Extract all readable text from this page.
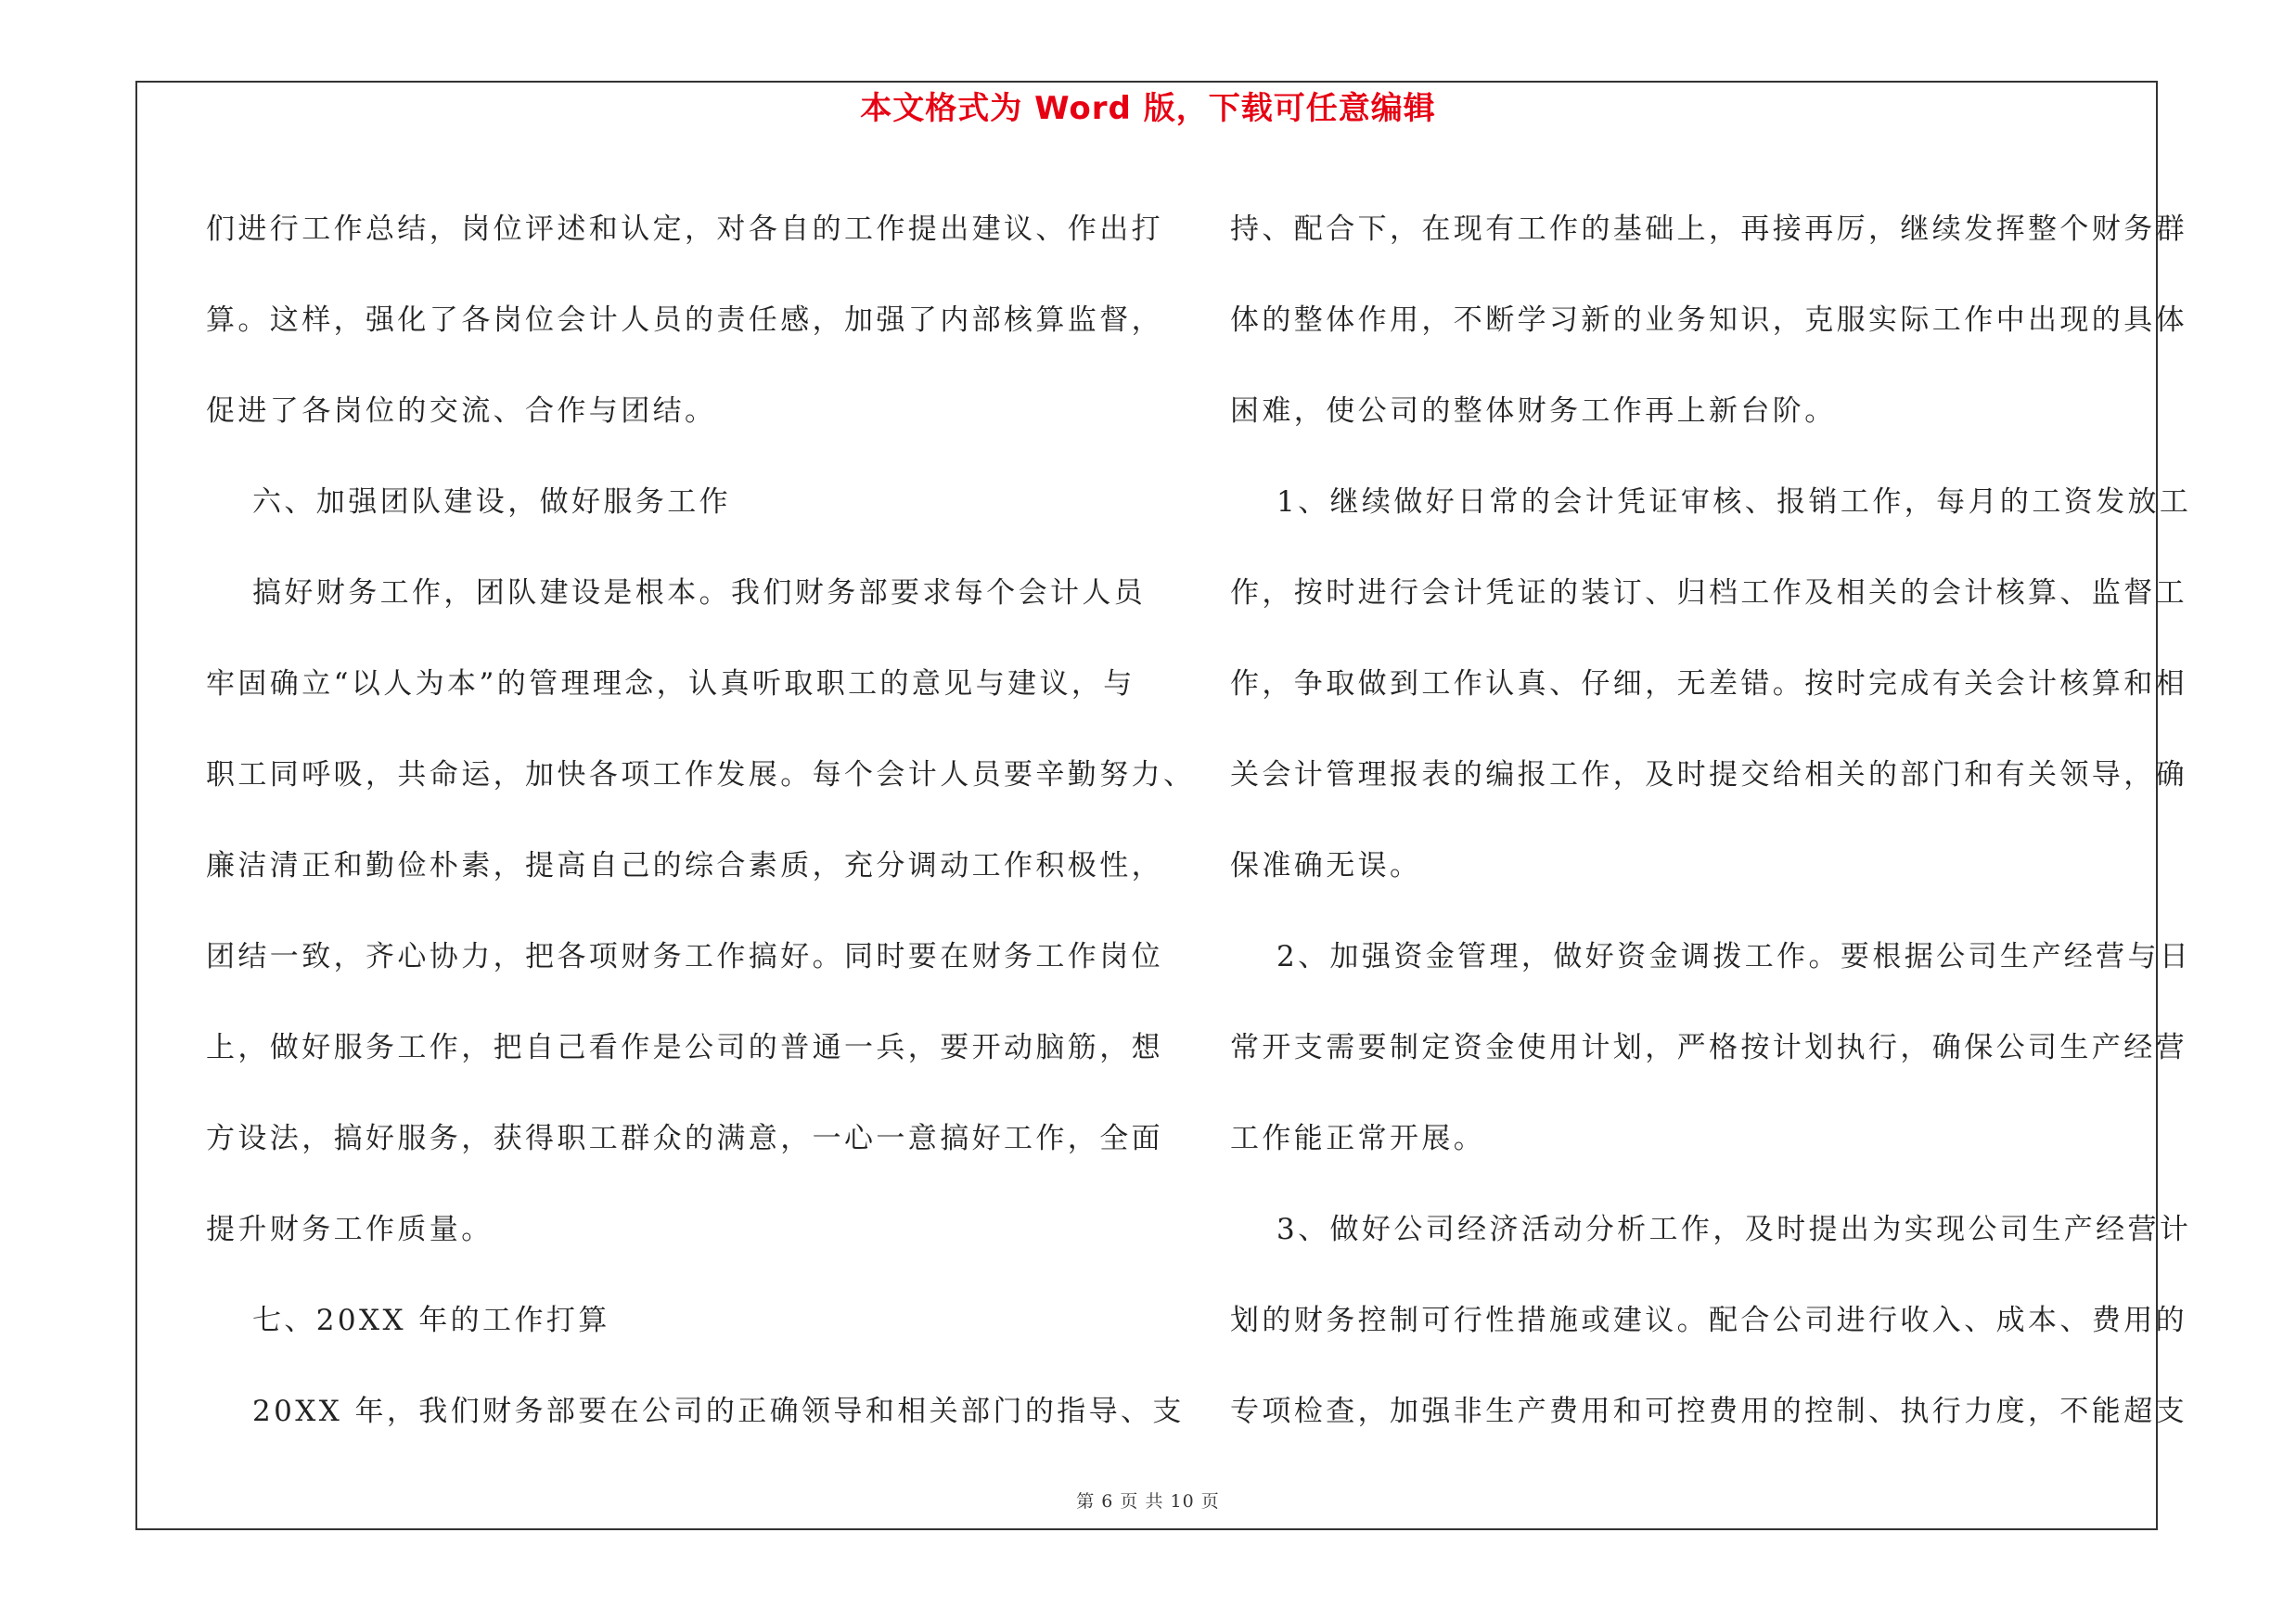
本文格式为 Word 版，下载可任意编辑
们进行工作总结，岗位评述和认定，对各自的工作提出建议、作出打
算。这样，强化了各岗位会计人员的责任感，加强了内部核算监督，
促进了各岗位的交流、合作与团结。
六、加强团队建设，做好服务工作
搞好财务工作，团队建设是根本。我们财务部要求每个会计人员
牢固确立“以人为本”的管理理念，认真听取职工的意见与建议，与
职工同呼吸，共命运，加快各项工作发展。每个会计人员要辛勤努力、
廉洁清正和勤俭朴素，提高自己的综合素质，充分调动工作积极性，
团结一致，齐心协力，把各项财务工作搞好。同时要在财务工作岗位
上，做好服务工作，把自己看作是公司的普通一兵，要开动脑筋，想
方设法，搞好服务，获得职工群众的满意，一心一意搞好工作，全面
提升财务工作质量。
七、20XX 年的工作打算
20XX 年，我们财务部要在公司的正确领导和相关部门的指导、支
持、配合下，在现有工作的基础上，再接再厉，继续发挥整个财务群
体的整体作用，不断学习新的业务知识，克服实际工作中出现的具体
困难，使公司的整体财务工作再上新台阶。
1、继续做好日常的会计凭证审核、报销工作，每月的工资发放工
作，按时进行会计凭证的装订、归档工作及相关的会计核算、监督工
作，争取做到工作认真、仔细，无差错。按时完成有关会计核算和相
关会计管理报表的编报工作，及时提交给相关的部门和有关领导，确
保准确无误。
2、加强资金管理，做好资金调拨工作。要根据公司生产经营与日
常开支需要制定资金使用计划，严格按计划执行，确保公司生产经营
工作能正常开展。
3、做好公司经济活动分析工作，及时提出为实现公司生产经营计
划的财务控制可行性措施或建议。配合公司进行收入、成本、费用的
专项检查，加强非生产费用和可控费用的控制、执行力度，不能超支
第 6 页 共 10 页
